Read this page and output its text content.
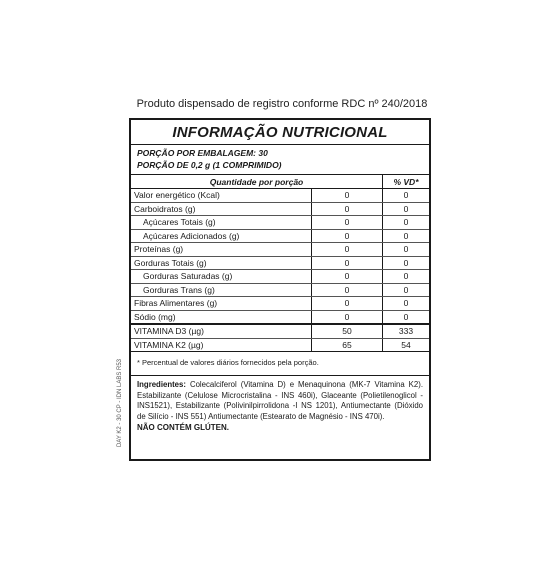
Produto dispensado de registro conforme RDC nº 240/2018
DAY K2 - 30 CP - IDN LABS R53
INFORMAÇÃO NUTRICIONAL
PORÇÃO POR EMBALAGEM: 30
PORÇÃO DE 0,2 g (1 COMPRIMIDO)
Quantidade por porção		% VD*
Valor energético (Kcal)	0	0
Carboidratos (g)	0	0
Açúcares Totais (g)	0	0
Açúcares Adicionados (g)	0	0
Proteínas (g)	0	0
Gorduras Totais (g)	0	0
Gorduras Saturadas (g)	0	0
Gorduras Trans (g)	0	0
Fibras Alimentares (g)	0	0
Sódio (mg)	0	0
VITAMINA D3 (µg)	50	333
VITAMINA K2 (µg)	65	54
* Percentual de valores diários fornecidos pela porção.
Ingredientes: Colecalciferol (Vitamina D) e Menaquinona (MK-7 Vitamina K2). Estabilizante (Celulose Microcristalina - INS 460i), Glaceante (Polietilenoglicol - INS1521), Estabilizante (Polivinilpirrolidona -I NS 1201), Antiumectante (Dióxido de Silício - INS 551) Antiumectante (Estearato de Magnésio - INS 470i).
NÃO CONTÉM GLÚTEN.
